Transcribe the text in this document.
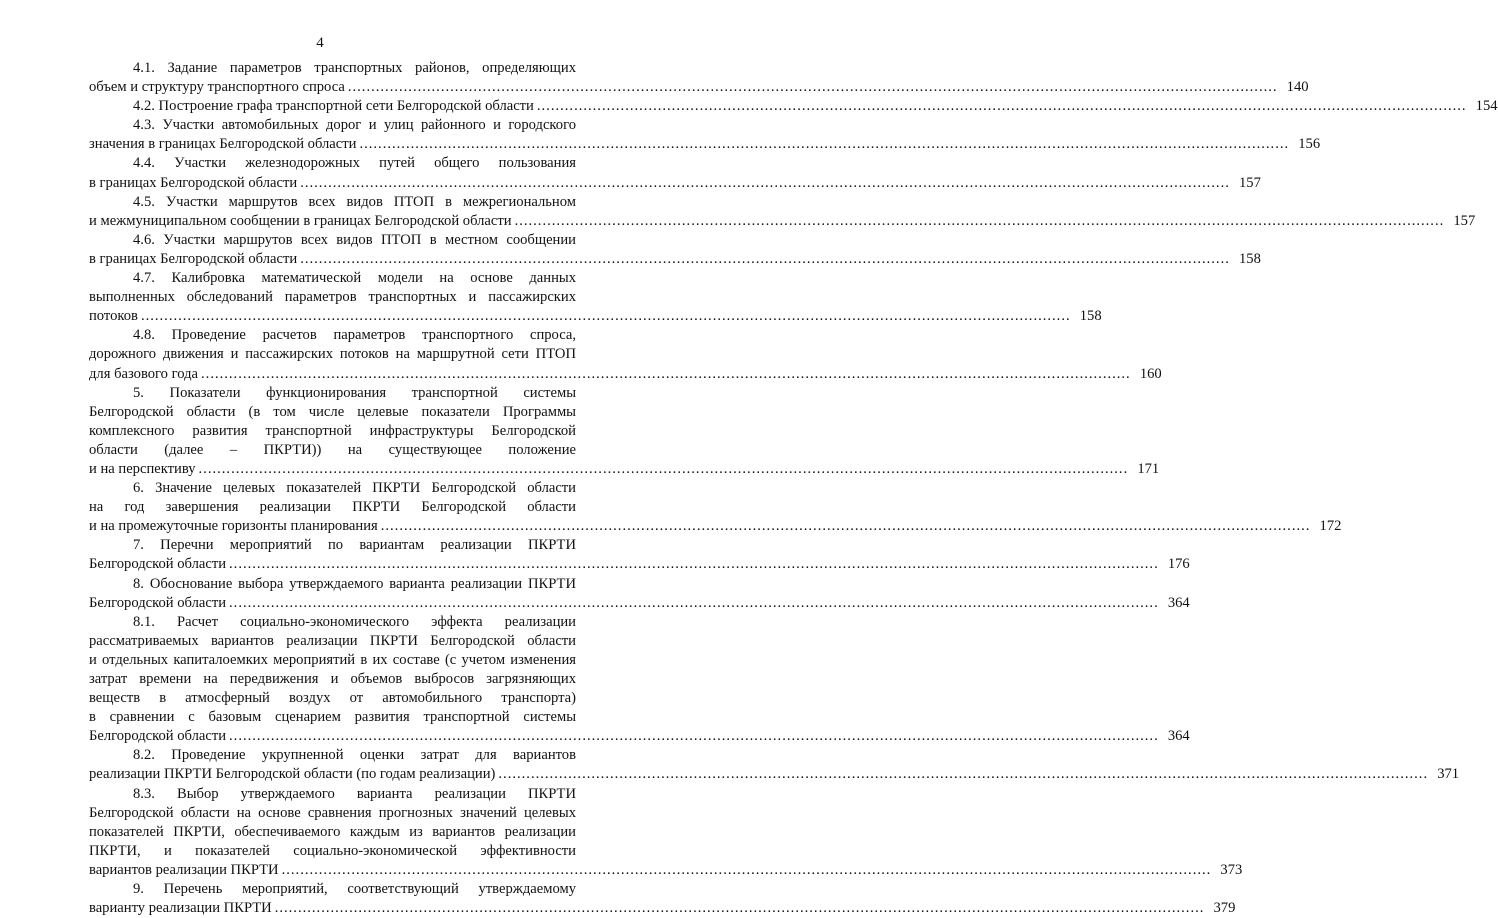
4
4.1. Задание параметров транспортных районов, определяющих
объем и структуру транспортного спроса ........................................................................................................................................................................................................ 140
4.2. Построение графа транспортной сети Белгородской области ........................................................................................................................................................................................................ 154
4.3. Участки автомобильных дорог и улиц районного и городского
значения в границах Белгородской области ........................................................................................................................................................................................................ 156
4.4. Участки железнодорожных путей общего пользования
в границах Белгородской области ........................................................................................................................................................................................................ 157
4.5. Участки маршрутов всех видов ПТОП в межрегиональном
и межмуниципальном сообщении в границах Белгородской области ........................................................................................................................................................................................................ 157
4.6. Участки маршрутов всех видов ПТОП в местном сообщении
в границах Белгородской области ........................................................................................................................................................................................................ 158
4.7. Калибровка математической модели на основе данных
выполненных обследований параметров транспортных и пассажирских
потоков ........................................................................................................................................................................................................ 158
4.8. Проведение расчетов параметров транспортного спроса,
дорожного движения и пассажирских потоков на маршрутной сети ПТОП
для базового года ........................................................................................................................................................................................................ 160
5. Показатели функционирования транспортной системы
Белгородской области (в том числе целевые показатели Программы
комплексного развития транспортной инфраструктуры Белгородской
области (далее – ПКРТИ)) на существующее положение
и на перспективу ........................................................................................................................................................................................................ 171
6. Значение целевых показателей ПКРТИ Белгородской области
на год завершения реализации ПКРТИ Белгородской области
и на промежуточные горизонты планирования ........................................................................................................................................................................................................ 172
7. Перечни мероприятий по вариантам реализации ПКРТИ
Белгородской области ........................................................................................................................................................................................................ 176
8. Обоснование выбора утверждаемого варианта реализации ПКРТИ
Белгородской области ........................................................................................................................................................................................................ 364
8.1. Расчет социально-экономического эффекта реализации
рассматриваемых вариантов реализации ПКРТИ Белгородской области
и отдельных капиталоемких мероприятий в их составе (с учетом изменения
затрат времени на передвижения и объемов выбросов загрязняющих
веществ в атмосферный воздух от автомобильного транспорта)
в сравнении с базовым сценарием развития транспортной системы
Белгородской области ........................................................................................................................................................................................................ 364
8.2. Проведение укрупненной оценки затрат для вариантов
реализации ПКРТИ Белгородской области (по годам реализации) ........................................................................................................................................................................................................ 371
8.3. Выбор утверждаемого варианта реализации ПКРТИ
Белгородской области на основе сравнения прогнозных значений целевых
показателей ПКРТИ, обеспечиваемого каждым из вариантов реализации
ПКРТИ, и показателей социально-экономической эффективности
вариантов реализации ПКРТИ ........................................................................................................................................................................................................ 373
9. Перечень мероприятий, соответствующий утверждаемому
варианту реализации ПКРТИ ........................................................................................................................................................................................................ 379
